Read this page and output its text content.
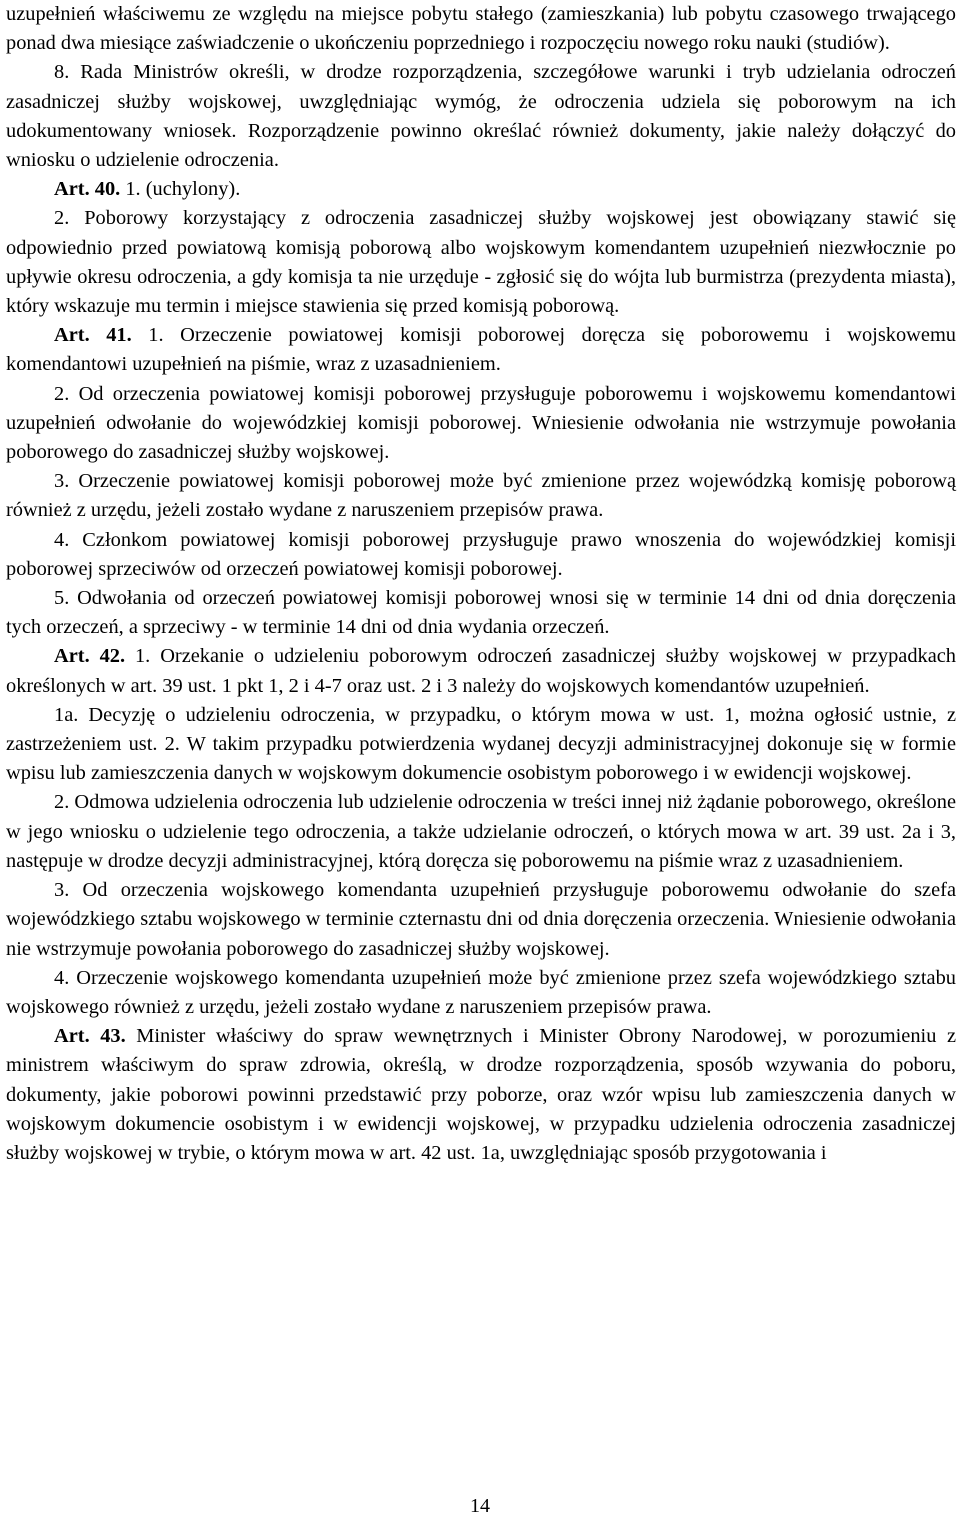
uzupełnień właściwemu ze względu na miejsce pobytu stałego (zamieszkania) lub pobytu czasowego trwającego ponad dwa miesiące zaświadczenie o ukończeniu poprzedniego i rozpoczęciu nowego roku nauki (studiów).

8. Rada Ministrów określi, w drodze rozporządzenia, szczegółowe warunki i tryb udzielania odroczeń zasadniczej służby wojskowej, uwzględniając wymóg, że odroczenia udziela się poborowym na ich udokumentowany wniosek. Rozporządzenie powinno określać również dokumenty, jakie należy dołączyć do wniosku o udzielenie odroczenia.

Art. 40. 1. (uchylony).

2. Poborowy korzystający z odroczenia zasadniczej służby wojskowej jest obowiązany stawić się odpowiednio przed powiatową komisją poborową albo wojskowym komendantem uzupełnień niezwłocznie po upływie okresu odroczenia, a gdy komisja ta nie urzęduje - zgłosić się do wójta lub burmistrza (prezydenta miasta), który wskazuje mu termin i miejsce stawienia się przed komisją poborową.

Art. 41. 1. Orzeczenie powiatowej komisji poborowej doręcza się poborowemu i wojskowemu komendantowi uzupełnień na piśmie, wraz z uzasadnieniem.

2. Od orzeczenia powiatowej komisji poborowej przysługuje poborowemu i wojskowemu komendantowi uzupełnień odwołanie do wojewódzkiej komisji poborowej. Wniesienie odwołania nie wstrzymuje powołania poborowego do zasadniczej służby wojskowej.

3. Orzeczenie powiatowej komisji poborowej może być zmienione przez wojewódzką komisję poborową również z urzędu, jeżeli zostało wydane z naruszeniem przepisów prawa.

4. Członkom powiatowej komisji poborowej przysługuje prawo wnoszenia do wojewódzkiej komisji poborowej sprzeciwów od orzeczeń powiatowej komisji poborowej.

5. Odwołania od orzeczeń powiatowej komisji poborowej wnosi się w terminie 14 dni od dnia doręczenia tych orzeczeń, a sprzeciwy - w terminie 14 dni od dnia wydania orzeczeń.

Art. 42. 1. Orzekanie o udzieleniu poborowym odroczeń zasadniczej służby wojskowej w przypadkach określonych w art. 39 ust. 1 pkt 1, 2 i 4-7 oraz ust. 2 i 3 należy do wojskowych komendantów uzupełnień.

1a. Decyzję o udzieleniu odroczenia, w przypadku, o którym mowa w ust. 1, można ogłosić ustnie, z zastrzeżeniem ust. 2. W takim przypadku potwierdzenia wydanej decyzji administracyjnej dokonuje się w formie wpisu lub zamieszczenia danych w wojskowym dokumencie osobistym poborowego i w ewidencji wojskowej.

2. Odmowa udzielenia odroczenia lub udzielenie odroczenia w treści innej niż żądanie poborowego, określone w jego wniosku o udzielenie tego odroczenia, a także udzielanie odroczeń, o których mowa w art. 39 ust. 2a i 3, następuje w drodze decyzji administracyjnej, którą doręcza się poborowemu na piśmie wraz z uzasadnieniem.

3. Od orzeczenia wojskowego komendanta uzupełnień przysługuje poborowemu odwołanie do szefa wojewódzkiego sztabu wojskowego w terminie czternastu dni od dnia doręczenia orzeczenia. Wniesienie odwołania nie wstrzymuje powołania poborowego do zasadniczej służby wojskowej.

4. Orzeczenie wojskowego komendanta uzupełnień może być zmienione przez szefa wojewódzkiego sztabu wojskowego również z urzędu, jeżeli zostało wydane z naruszeniem przepisów prawa.

Art. 43. Minister właściwy do spraw wewnętrznych i Minister Obrony Narodowej, w porozumieniu z ministrem właściwym do spraw zdrowia, określą, w drodze rozporządzenia, sposób wzywania do poboru, dokumenty, jakie poborowi powinni przedstawić przy poborze, oraz wzór wpisu lub zamieszczenia danych w wojskowym dokumencie osobistym i w ewidencji wojskowej, w przypadku udzielenia odroczenia zasadniczej służby wojskowej w trybie, o którym mowa w art. 42 ust. 1a, uwzględniając sposób przygotowania i

14
